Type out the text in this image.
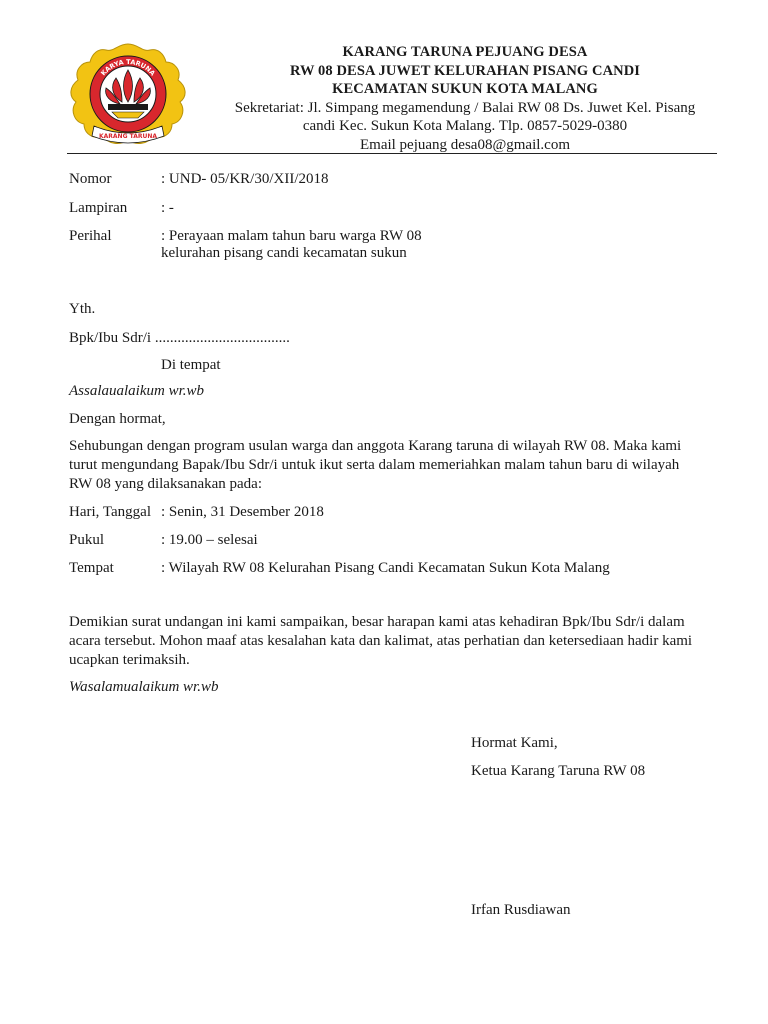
KARYA TARUNA
KARANG TARUNA
KARANG TARUNA PEJUANG DESA
RW 08 DESA JUWET KELURAHAN PISANG CANDI
KECAMATAN SUKUN KOTA MALANG
Sekretariat: Jl. Simpang megamendung / Balai RW 08 Ds. Juwet Kel. Pisang
candi Kec. Sukun Kota Malang. Tlp. 0857-5029-0380
Email pejuang desa08@gmail.com
Nomor	: UND- 05/KR/30/XII/2018
Lampiran : -
Perihal	: Perayaan malam tahun baru warga RW 08
kelurahan pisang candi kecamatan sukun
Yth.
Bpk/Ibu Sdr/i ....................................
Di tempat
Assalaualaikum wr.wb
Dengan hormat,
Sehubungan dengan program usulan warga dan anggota Karang taruna di wilayah RW 08. Maka kami
turut mengundang Bapak/Ibu Sdr/i untuk ikut serta dalam memeriahkan malam tahun baru di wilayah
RW 08 yang dilaksanakan pada:
Hari, Tanggal : Senin, 31 Desember 2018
Pukul	: 19.00 – selesai
Tempat	: Wilayah RW 08 Kelurahan Pisang Candi Kecamatan Sukun Kota Malang
Demikian surat undangan ini kami sampaikan, besar harapan kami atas kehadiran Bpk/Ibu Sdr/i dalam
acara tersebut. Mohon maaf atas kesalahan kata dan kalimat, atas perhatian dan ketersediaan hadir kami
ucapkan terimaksih.
Wasalamualaikum wr.wb
Hormat Kami,
Ketua Karang Taruna RW 08
Irfan Rusdiawan
